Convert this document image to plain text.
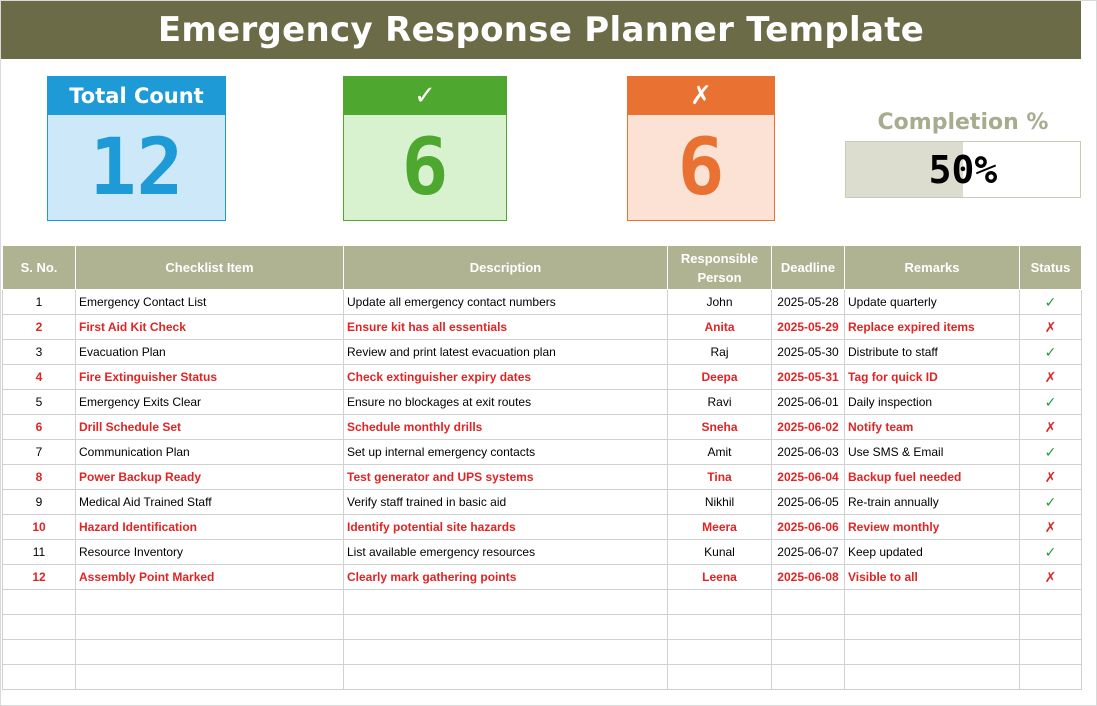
Emergency Response Planner Template
Total Count
12
✓
6
✗
6	Completion %
50%
S. No.	Checklist Item	Description	Responsible Person	Deadline	Remarks	Status
1	Emergency Contact List	Update all emergency contact numbers	John	2025-05-28	Update quarterly	✓
2	First Aid Kit Check	Ensure kit has all essentials	Anita	2025-05-29	Replace expired items	✗
3	Evacuation Plan	Review and print latest evacuation plan	Raj	2025-05-30	Distribute to staff	✓
4	Fire Extinguisher Status	Check extinguisher expiry dates	Deepa	2025-05-31	Tag for quick ID	✗
5	Emergency Exits Clear	Ensure no blockages at exit routes	Ravi	2025-06-01	Daily inspection	✓
6	Drill Schedule Set	Schedule monthly drills	Sneha	2025-06-02	Notify team	✗
7	Communication Plan	Set up internal emergency contacts	Amit	2025-06-03	Use SMS & Email	✓
8	Power Backup Ready	Test generator and UPS systems	Tina	2025-06-04	Backup fuel needed	✗
9	Medical Aid Trained Staff	Verify staff trained in basic aid	Nikhil	2025-06-05	Re-train annually	✓
10	Hazard Identification	Identify potential site hazards	Meera	2025-06-06	Review monthly	✗
11	Resource Inventory	List available emergency resources	Kunal	2025-06-07	Keep updated	✓
12	Assembly Point Marked	Clearly mark gathering points	Leena	2025-06-08	Visible to all	✗
